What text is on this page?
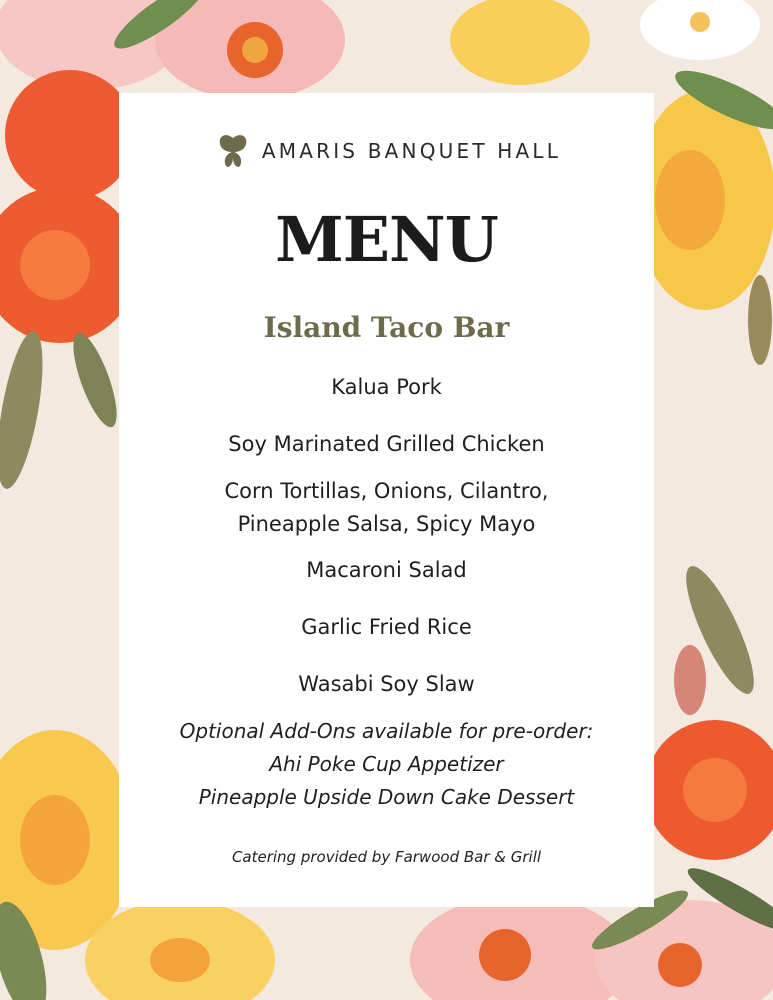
AMARIS BANQUET HALL
MENU
Island Taco Bar
Kalua Pork
Soy Marinated Grilled Chicken
Corn Tortillas, Onions, Cilantro,
Pineapple Salsa, Spicy Mayo
Macaroni Salad
Garlic Fried Rice
Wasabi Soy Slaw
Optional Add-Ons available for pre-order:
Ahi Poke Cup Appetizer
Pineapple Upside Down Cake Dessert
Catering provided by Farwood Bar & Grill
